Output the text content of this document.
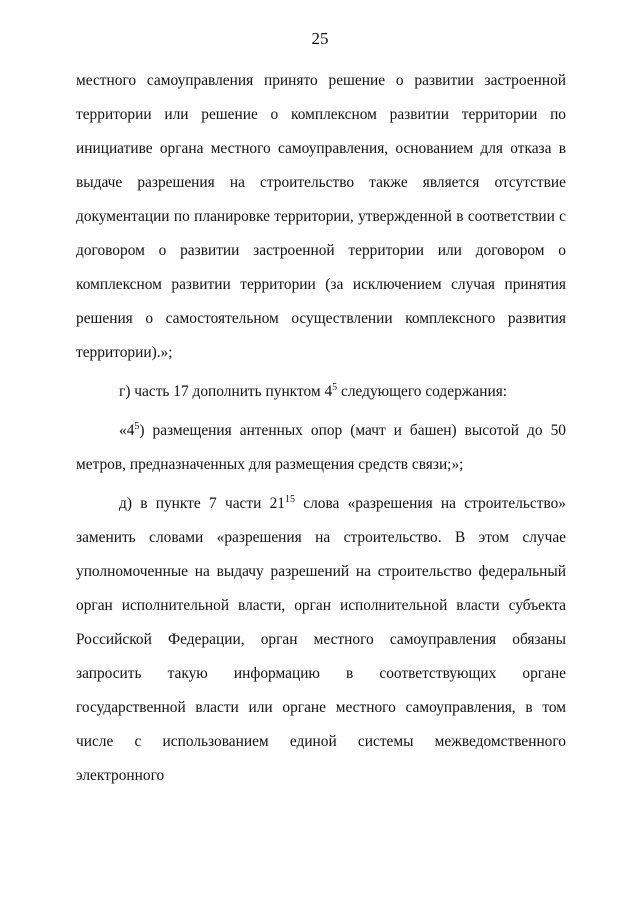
25

местного самоуправления принято решение о развитии застроенной территории или решение о комплексном развитии территории по инициативе органа местного самоуправления, основанием для отказа в выдаче разрешения на строительство также является отсутствие документации по планировке территории, утвержденной в соответствии с договором о развитии застроенной территории или договором о комплексном развитии территории (за исключением случая принятия решения о самостоятельном осуществлении комплексного развития территории).»;

г) часть 17 дополнить пунктом $4^5$ следующего содержания:

«$4^5$) размещения антенных опор (мачт и башен) высотой до 50 метров, предназначенных для размещения средств связи;»;

д) в пункте 7 части $21^{15}$ слова «разрешения на строительство» заменить словами «разрешения на строительство. В этом случае уполномоченные на выдачу разрешений на строительство федеральный орган исполнительной власти, орган исполнительной власти субъекта Российской Федерации, орган местного самоуправления обязаны запросить такую информацию в соответствующих органе государственной власти или органе местного самоуправления, в том числе с использованием единой системы межведомственного электронного
